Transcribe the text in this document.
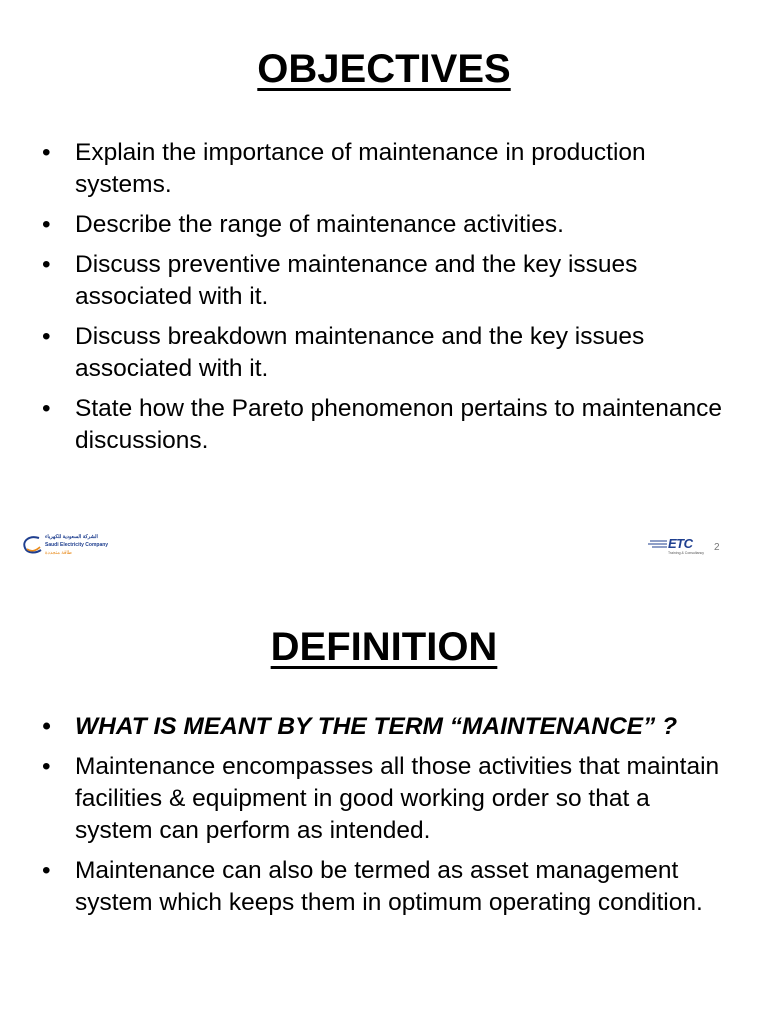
OBJECTIVES
• Explain the importance of maintenance in production systems.
• Describe the range of maintenance activities.
• Discuss preventive maintenance and the key issues associated with it.
• Discuss breakdown maintenance and the key issues associated with it.
• State how the Pareto phenomenon pertains to maintenance discussions.
الشركة السعودية للكهرباء
Saudi Electricity Company
طاقة متجددة
ETC
Training & Consultancy 2
DEFINITION
• WHAT IS MEANT BY THE TERM “MAINTENANCE” ?
• Maintenance encompasses all those activities that maintain facilities & equipment in good working order so that a system can perform as intended.
• Maintenance can also be termed as asset management system which keeps them in optimum operating condition.
